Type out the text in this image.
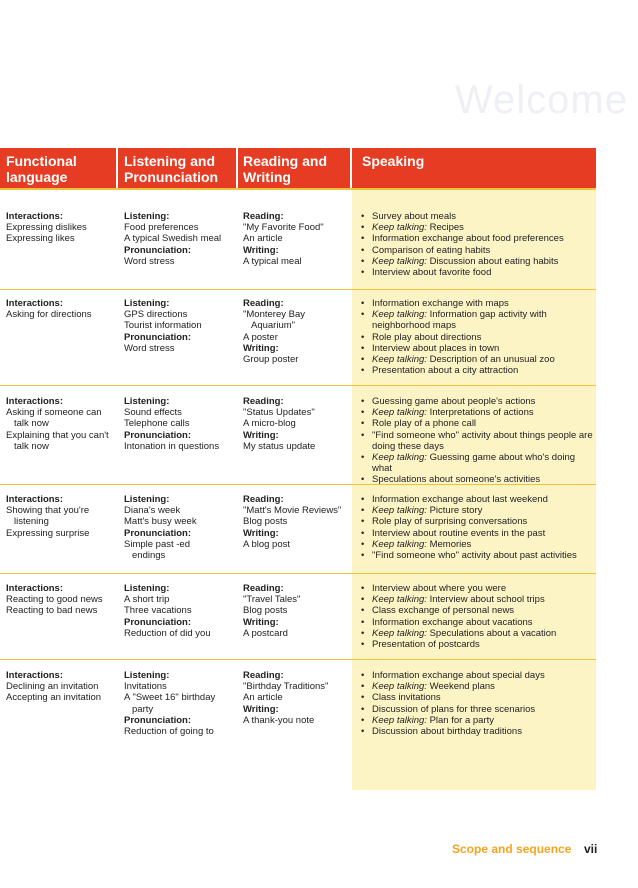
Welcome
Functional
language
Listening and
Pronunciation
Reading and
Writing
Speaking
Interactions:
Expressing dislikes
Expressing likes
Listening:
Food preferences
A typical Swedish meal
Pronunciation:
Word stress
Reading:
"My Favorite Food"
An article
Writing:
A typical meal
• Survey about meals
• Keep talking: Recipes
• Information exchange about food preferences
• Comparison of eating habits
• Keep talking: Discussion about eating habits
• Interview about favorite food
Interactions:
Asking for directions
Listening:
GPS directions
Tourist information
Pronunciation:
Word stress
Reading:
"Monterey Bay
Aquarium"
A poster
Writing:
Group poster
• Information exchange with maps
• Keep talking: Information gap activity with
neighborhood maps
• Role play about directions
• Interview about places in town
• Keep talking: Description of an unusual zoo
• Presentation about a city attraction
Interactions:
Asking if someone can
talk now
Explaining that you can't
talk now
Listening:
Sound effects
Telephone calls
Pronunciation:
Intonation in questions
Reading:
"Status Updates"
A micro-blog
Writing:
My status update
• Guessing game about people's actions
• Keep talking: Interpretations of actions
• Role play of a phone call
• "Find someone who" activity about things people are
doing these days
• Keep talking: Guessing game about who's doing what
• Speculations about someone's activities
Interactions:
Showing that you're
listening
Expressing surprise
Listening:
Diana's week
Matt's busy week
Pronunciation:
Simple past -ed
endings
Reading:
"Matt's Movie Reviews"
Blog posts
Writing:
A blog post
• Information exchange about last weekend
• Keep talking: Picture story
• Role play of surprising conversations
• Interview about routine events in the past
• Keep talking: Memories
• "Find someone who" activity about past activities
Interactions:
Reacting to good news
Reacting to bad news
Listening:
A short trip
Three vacations
Pronunciation:
Reduction of did you
Reading:
"Travel Tales"
Blog posts
Writing:
A postcard
• Interview about where you were
• Keep talking: Interview about school trips
• Class exchange of personal news
• Information exchange about vacations
• Keep talking: Speculations about a vacation
• Presentation of postcards
Interactions:
Declining an invitation
Accepting an invitation
Listening:
Invitations
A "Sweet 16" birthday
party
Pronunciation:
Reduction of going to
Reading:
"Birthday Traditions"
An article
Writing:
A thank-you note
• Information exchange about special days
• Keep talking: Weekend plans
• Class invitations
• Discussion of plans for three scenarios
• Keep talking: Plan for a party
• Discussion about birthday traditions
Scope and sequence vii
